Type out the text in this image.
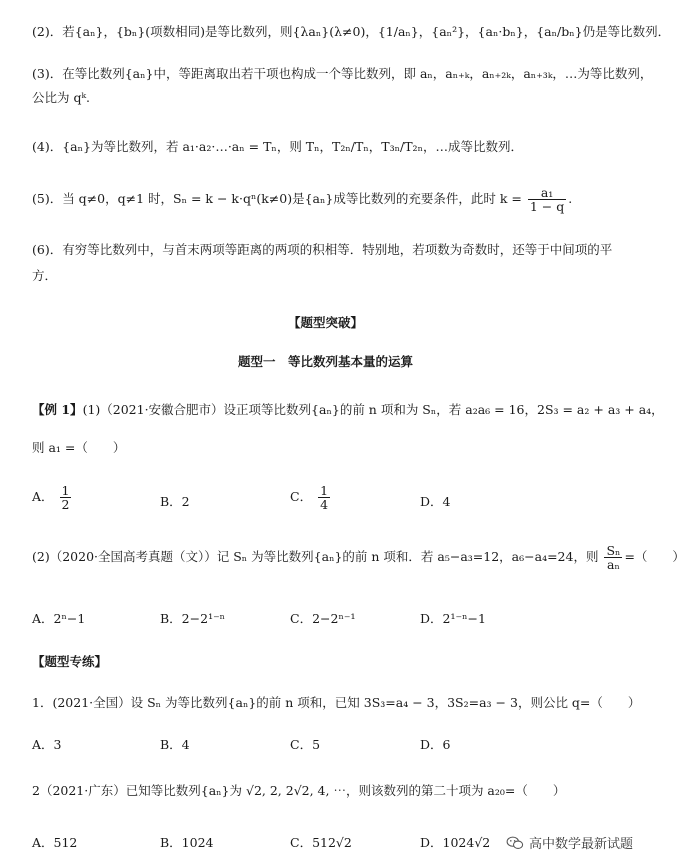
(2)．若{aₙ}，{bₙ}(项数相同)是等比数列，则{λaₙ}(λ≠0)，{1/aₙ}，{aₙ²}，{aₙ·bₙ}，{aₙ/bₙ}仍是等比数列．
(3)．在等比数列{aₙ}中，等距离取出若干项也构成一个等比数列，即 aₙ，aₙ₊ₖ，aₙ₊₂ₖ，aₙ₊₃ₖ，…为等比数列，
公比为 qᵏ.
(4)．{aₙ}为等比数列，若 a₁·a₂·…·aₙ = Tₙ，则 Tₙ，T₂ₙ/Tₙ，T₃ₙ/T₂ₙ，…成等比数列．
(5)．当 q≠0，q≠1 时，Sₙ = k − k·qⁿ(k≠0)是{aₙ}成等比数列的充要条件，此时 $k = \frac{\text{a₁}}{1 - q}$ .
(6)．有穷等比数列中，与首末两项等距离的两项的积相等．特别地，若项数为奇数时，还等于中间项的平
方．
【题型突破】
题型一　等比数列基本量的运算
【例 1】(1)（2021·安徽合肥市）设正项等比数列{aₙ}的前 n 项和为 Sₙ，若 a₂a₆ = 16，2S₃ = a₂ + a₃ + a₄，
则 a₁ =（　　）
A． $\frac{1}{2}$	B．2	C． $\frac{1}{4}$	D．4
(2)（2020·全国高考真题（文））记 Sₙ 为等比数列{aₙ}的前 n 项和．若 a₅−a₃=12，a₆−a₄=24，则 $\frac{\text{Sₙ}}{\text{aₙ}}$ =（　　）
A．2ⁿ−1	B．2−2¹⁻ⁿ	C．2−2ⁿ⁻¹	D．2¹⁻ⁿ−1
【题型专练】
1．(2021·全国）设 Sₙ 为等比数列{aₙ}的前 n 项和，已知 3S₃=a₄ − 3，3S₂=a₃ − 3，则公比 q=（　　）
A．3	B．4	C．5	D．6
2（2021·广东）已知等比数列{aₙ}为 √2, 2, 2√2, 4, ⋯，则该数列的第二十项为 a₂₀=（　　）
A．512	B．1024	C．512√2	D．1024√2	高中数学最新试题
